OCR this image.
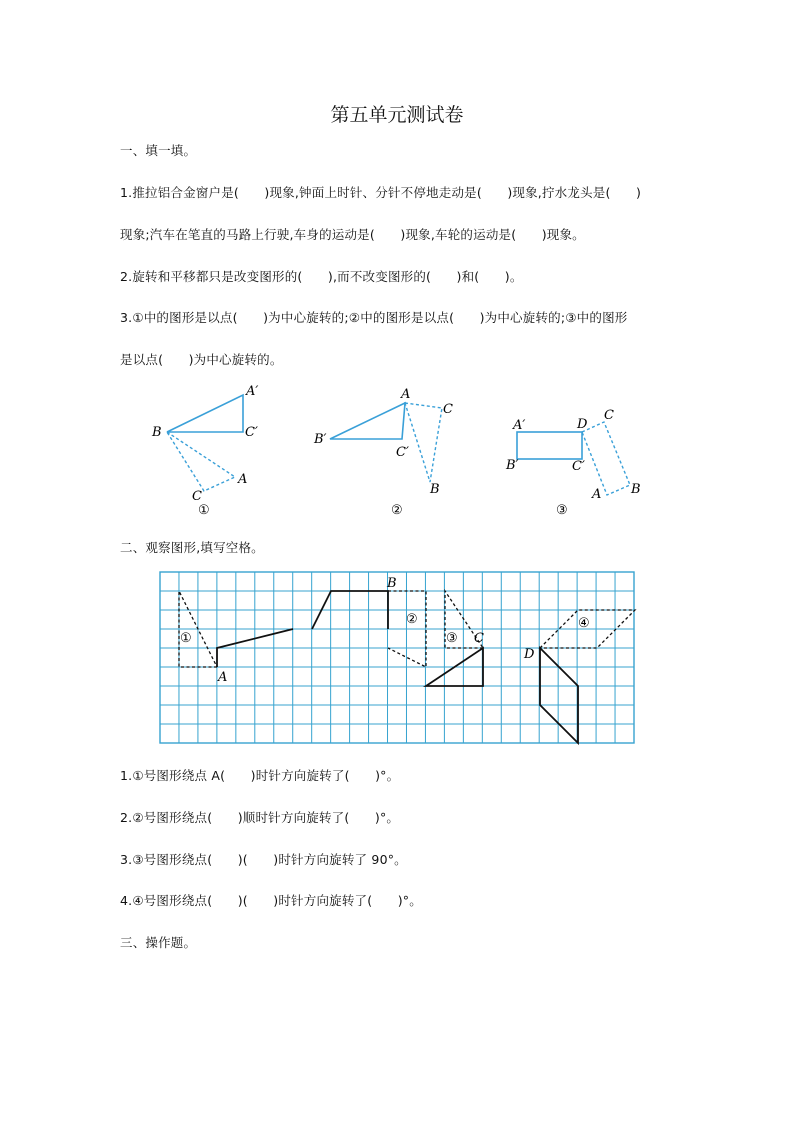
第五单元测试卷
一、填一填。
1.推拉铝合金窗户是(　　)现象,钟面上时针、分针不停地走动是(　　)现象,拧水龙头是(　　)
现象;汽车在笔直的马路上行驶,车身的运动是(　　)现象,车轮的运动是(　　)现象。
2.旋转和平移都只是改变图形的(　　),而不改变图形的(　　)和(　　)。
3.①中的图形是以点(　　)为中心旋转的;②中的图形是以点(　　)为中心旋转的;③中的图形
是以点(　　)为中心旋转的。
A′
B	C′
A
C
①
A
B′
C′
C
B
②
A′	D
C
B′	C′
A B
③
二、观察图形,填写空格。
①
A
B
②
③ C
④
D
1.①号图形绕点 A(　　)时针方向旋转了(　　)°。
2.②号图形绕点(　　)顺时针方向旋转了(　　)°。
3.③号图形绕点(　　)(　　)时针方向旋转了 90°。
4.④号图形绕点(　　)(　　)时针方向旋转了(　　)°。
三、操作题。
